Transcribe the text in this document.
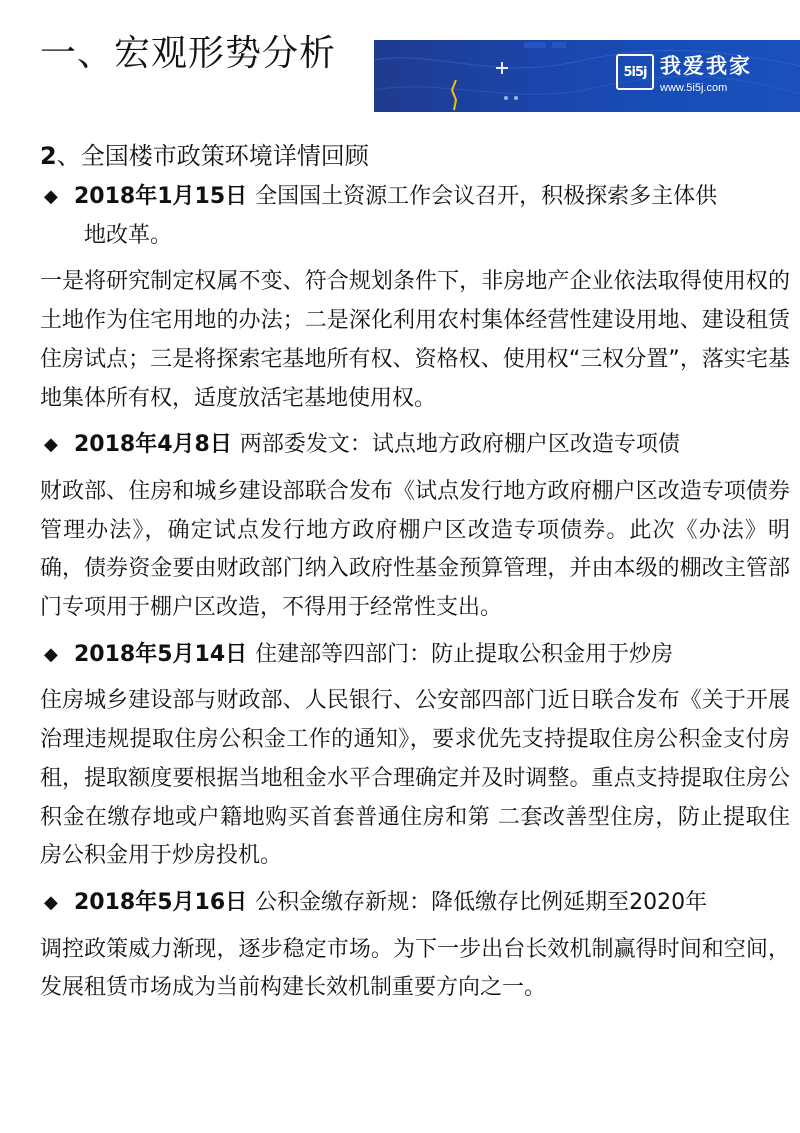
一、宏观形势分析	5i5j 我爱我家
www.5i5j.com
2、全国楼市政策环境详情回顾
◆ 2018年1月15日 全国国土资源工作会议召开，积极探索多主体供
地改革。
一是将研究制定权属不变、符合规划条件下，非房地产企业依法取得使用权的土地作为住宅用地的办法；二是深化利用农村集体经营性建设用地、建设租赁住房试点；三是将探索宅基地所有权、资格权、使用权“三权分置”，落实宅基地集体所有权，适度放活宅基地使用权。
◆ 2018年4月8日 两部委发文：试点地方政府棚户区改造专项债
财政部、住房和城乡建设部联合发布《试点发行地方政府棚户区改造专项债券管理办法》，确定试点发行地方政府棚户区改造专项债券。此次《办法》明确，债券资金要由财政部门纳入政府性基金预算管理，并由本级的棚改主管部门专项用于棚户区改造，不得用于经常性支出。
◆ 2018年5月14日 住建部等四部门：防止提取公积金用于炒房
住房城乡建设部与财政部、人民银行、公安部四部门近日联合发布《关于开展治理违规提取住房公积金工作的通知》，要求优先支持提取住房公积金支付房租，提取额度要根据当地租金水平合理确定并及时调整。重点支持提取住房公积金在缴存地或户籍地购买首套普通住房和第 二套改善型住房，防止提取住房公积金用于炒房投机。
◆ 2018年5月16日 公积金缴存新规：降低缴存比例延期至2020年
调控政策威力渐现，逐步稳定市场。为下一步出台长效机制赢得时间和空间，发展租赁市场成为当前构建长效机制重要方向之一。
